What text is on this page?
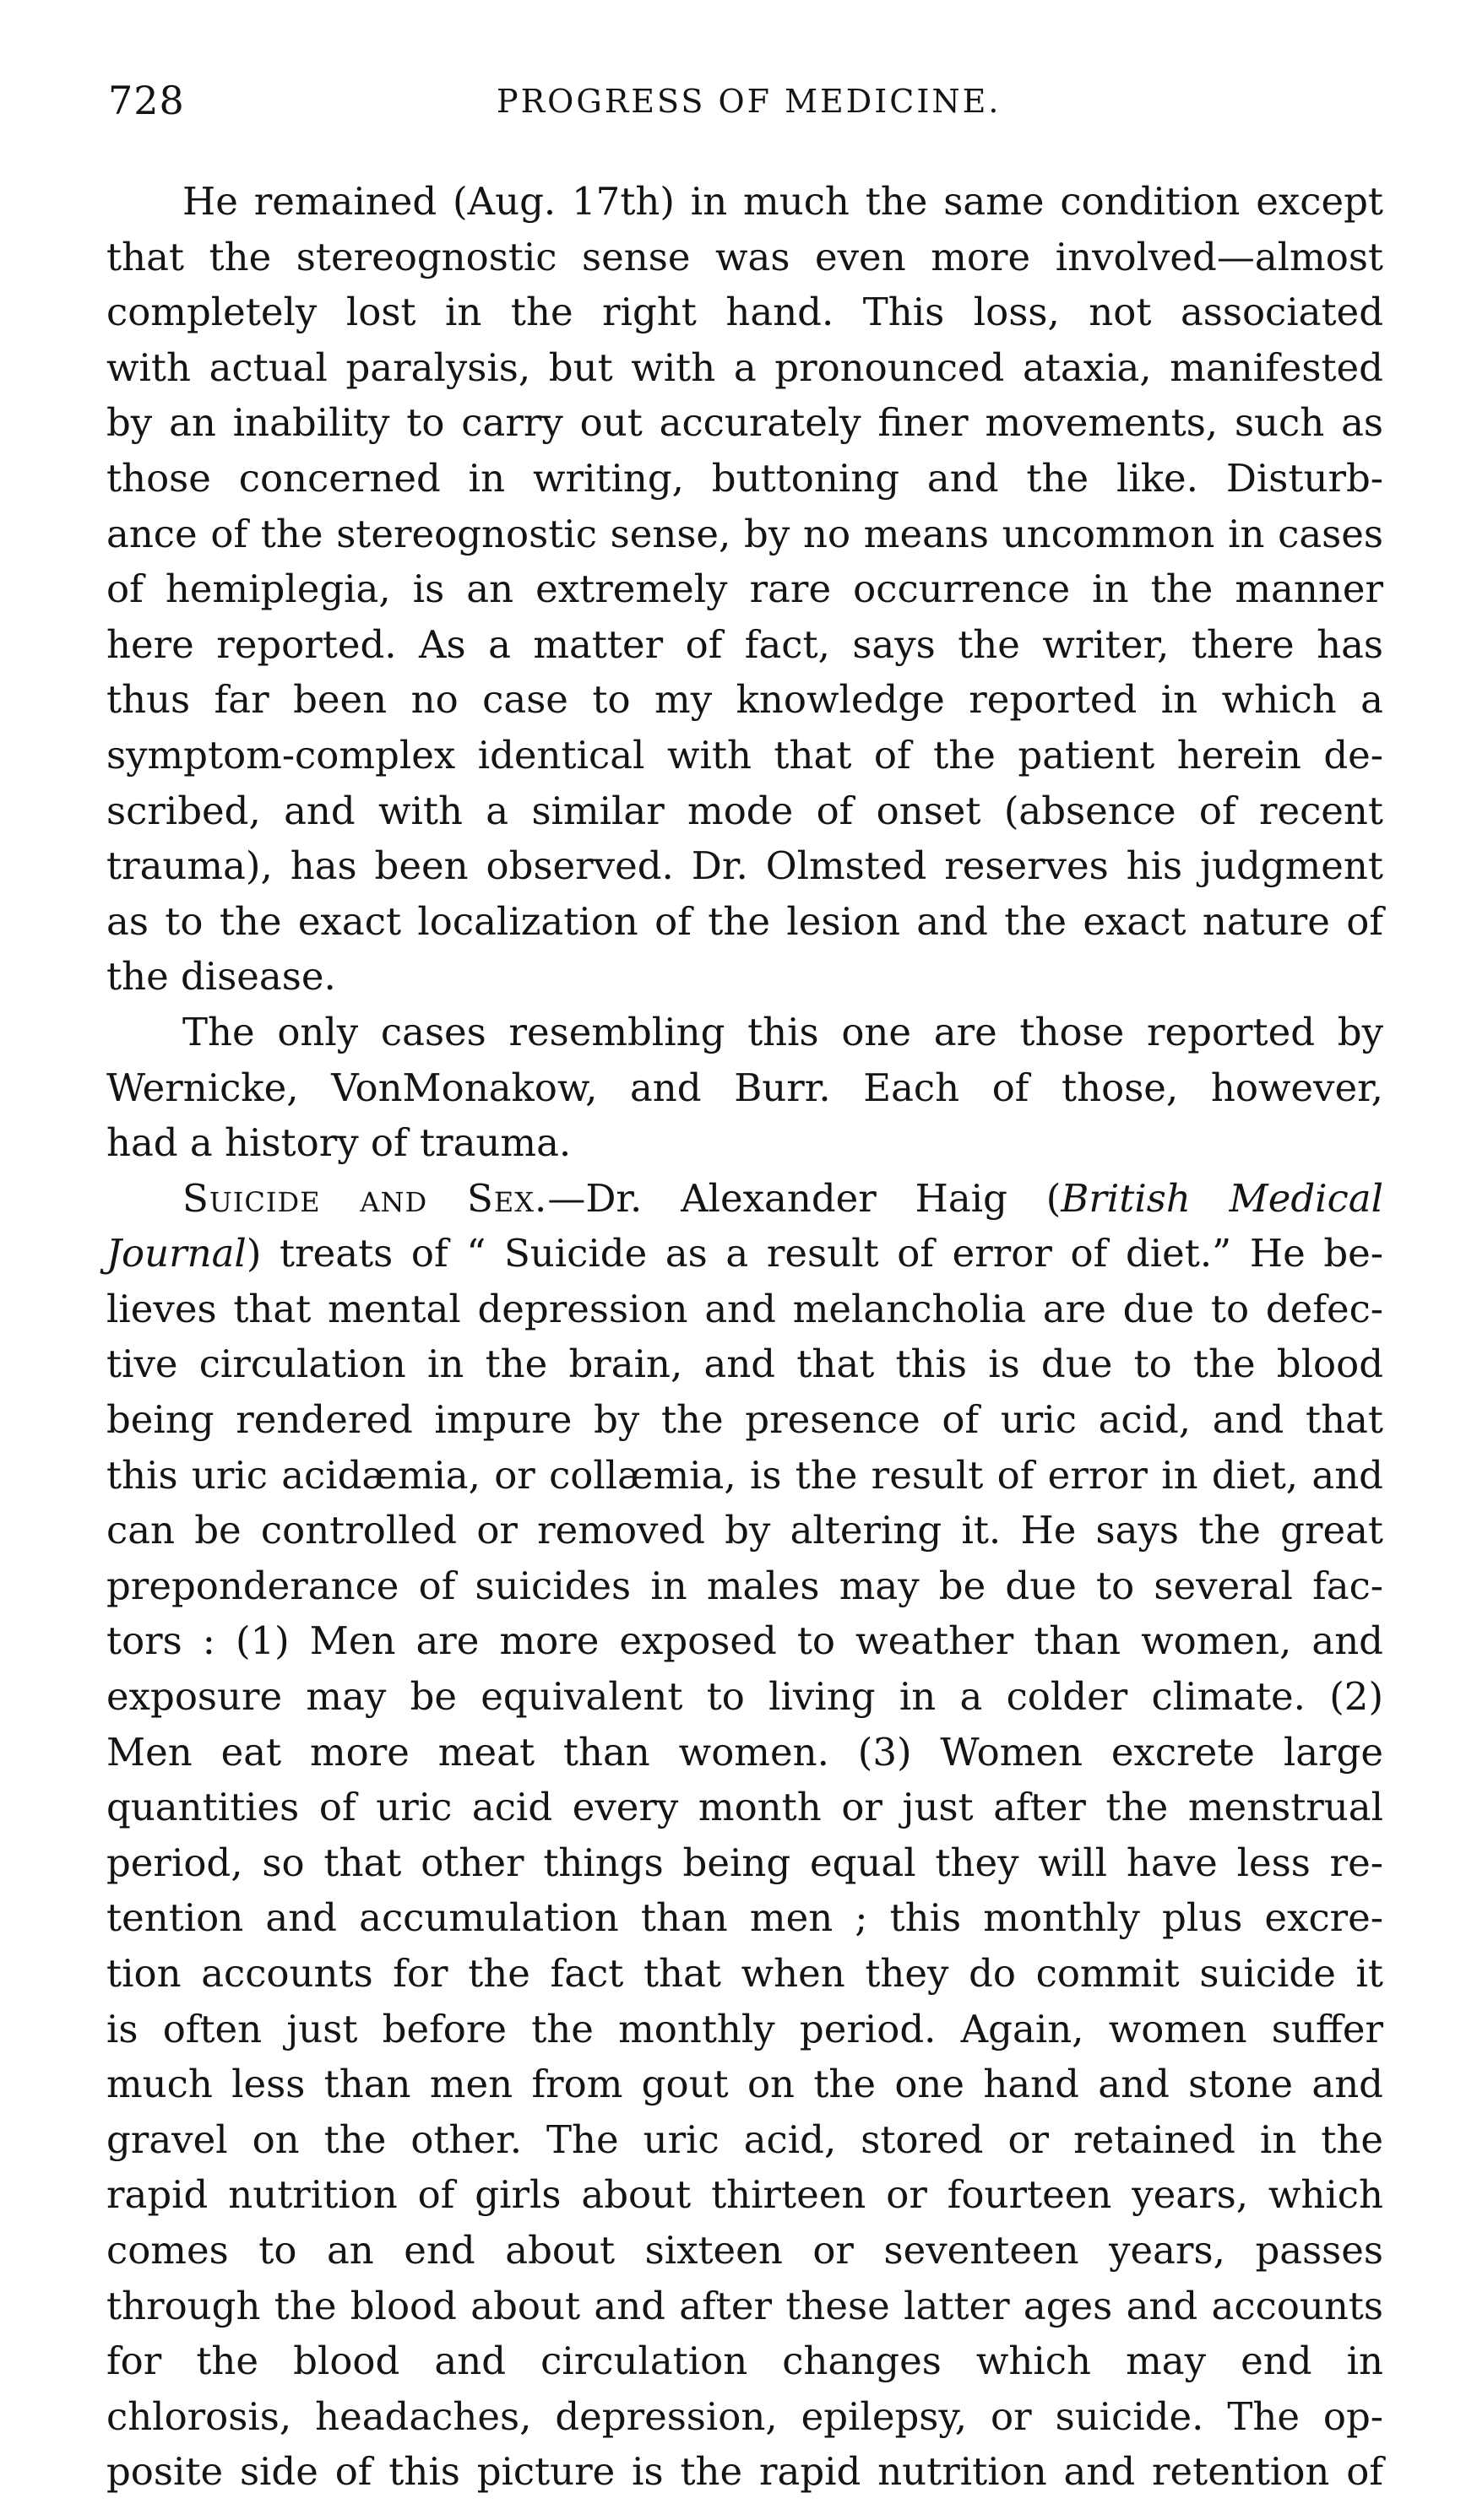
728	PROGRESS OF MEDICINE.
He remained (Aug. 17th) in much the same condition except
that the stereognostic sense was even more involved—almost
completely lost in the right hand. This loss, not associated
with actual paralysis, but with a pronounced ataxia, manifested
by an inability to carry out accurately finer movements, such as
those concerned in writing, buttoning and the like. Disturb-
ance of the stereognostic sense, by no means uncommon in cases
of hemiplegia, is an extremely rare occurrence in the manner
here reported. As a matter of fact, says the writer, there has
thus far been no case to my knowledge reported in which a
symptom-complex identical with that of the patient herein de-
scribed, and with a similar mode of onset (absence of recent
trauma), has been observed. Dr. Olmsted reserves his judgment
as to the exact localization of the lesion and the exact nature of
the disease.
The only cases resembling this one are those reported by
Wernicke, VonMonakow, and Burr. Each of those, however,
had a history of trauma.
Suicide and Sex.—Dr. Alexander Haig (British Medical
Journal) treats of “ Suicide as a result of error of diet.” He be-
lieves that mental depression and melancholia are due to defec-
tive circulation in the brain, and that this is due to the blood
being rendered impure by the presence of uric acid, and that
this uric acidæmia, or collæmia, is the result of error in diet, and
can be controlled or removed by altering it. He says the great
preponderance of suicides in males may be due to several fac-
tors : (1) Men are more exposed to weather than women, and
exposure may be equivalent to living in a colder climate. (2)
Men eat more meat than women. (3) Women excrete large
quantities of uric acid every month or just after the menstrual
period, so that other things being equal they will have less re-
tention and accumulation than men ; this monthly plus excre-
tion accounts for the fact that when they do commit suicide it
is often just before the monthly period. Again, women suffer
much less than men from gout on the one hand and stone and
gravel on the other. The uric acid, stored or retained in the
rapid nutrition of girls about thirteen or fourteen years, which
comes to an end about sixteen or seventeen years, passes
through the blood about and after these latter ages and accounts
for the blood and circulation changes which may end in
chlorosis, headaches, depression, epilepsy, or suicide. The op-
posite side of this picture is the rapid nutrition and retention of
